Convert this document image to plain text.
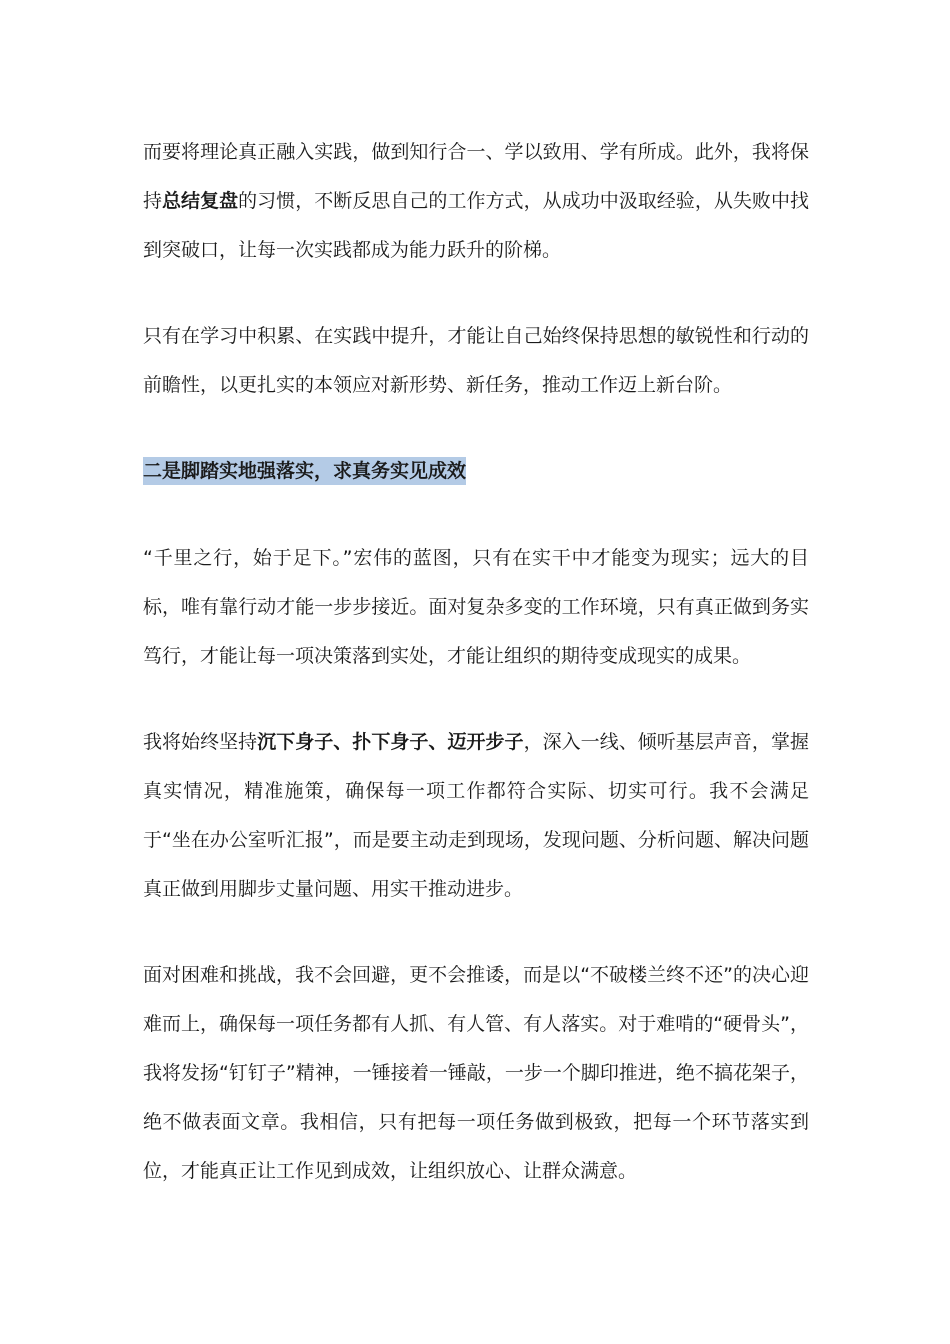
而要将理论真正融入实践，做到知行合一、学以致用、学有所成。此外，我将保持总结复盘的习惯，不断反思自己的工作方式，从成功中汲取经验，从失败中找到突破口，让每一次实践都成为能力跃升的阶梯。

只有在学习中积累、在实践中提升，才能让自己始终保持思想的敏锐性和行动的前瞻性，以更扎实的本领应对新形势、新任务，推动工作迈上新台阶。

二是脚踏实地强落实，求真务实见成效

“千里之行，始于足下。”宏伟的蓝图，只有在实干中才能变为现实；远大的目标，唯有靠行动才能一步步接近。面对复杂多变的工作环境，只有真正做到务实笃行，才能让每一项决策落到实处，才能让组织的期待变成现实的成果。

我将始终坚持沉下身子、扑下身子、迈开步子，深入一线、倾听基层声音，掌握真实情况，精准施策，确保每一项工作都符合实际、切实可行。我不会满足于“坐在办公室听汇报”，而是要主动走到现场，发现问题、分析问题、解决问题真正做到用脚步丈量问题、用实干推动进步。

面对困难和挑战，我不会回避，更不会推诿，而是以“不破楼兰终不还”的决心迎难而上，确保每一项任务都有人抓、有人管、有人落实。对于难啃的“硬骨头”，我将发扬“钉钉子”精神，一锤接着一锤敲，一步一个脚印推进，绝不搞花架子，绝不做表面文章。我相信，只有把每一项任务做到极致，把每一个环节落实到位，才能真正让工作见到成效，让组织放心、让群众满意。
